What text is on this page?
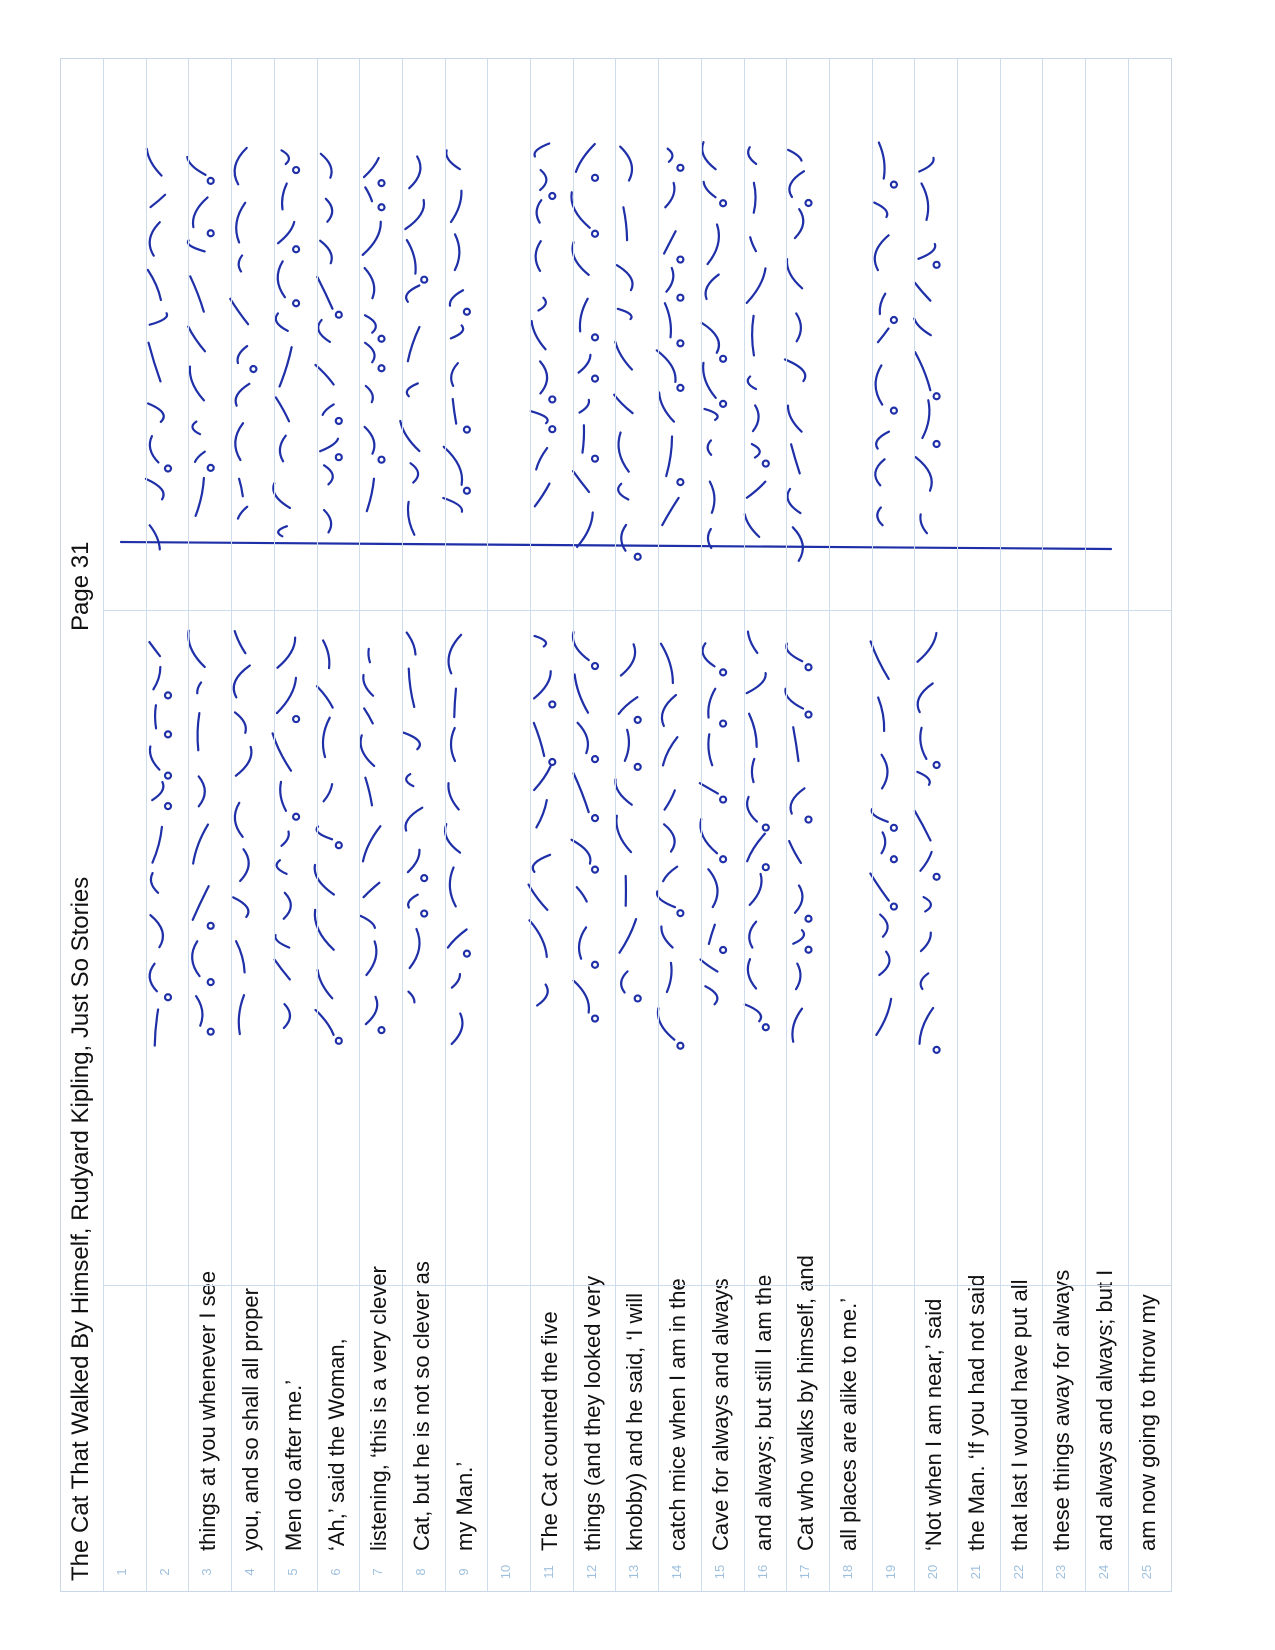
The Cat That Walked By Himself, Rudyard Kipling, Just So Stories
Page 31
1 2 3
things at you whenever I see
4
you, and so shall all proper
5
Men do after me.’
6
‘Ah,’ said the Woman,
7
listening, ‘this is a very clever
8
Cat, but he is not so clever as
9
my Man.’
10 11
The Cat counted the five
12
things (and they looked very
13
knobby) and he said, ‘I will
14
catch mice when I am in the
15
Cave for always and always
16
and always; but still I am the
17
Cat who walks by himself, and
18
all places are alike to me.’
19 20
‘Not when I am near,’ said
21
the Man. ‘If you had not said
22
that last I would have put all
23
these things away for always
24
and always and always; but I
25
am now going to throw my
